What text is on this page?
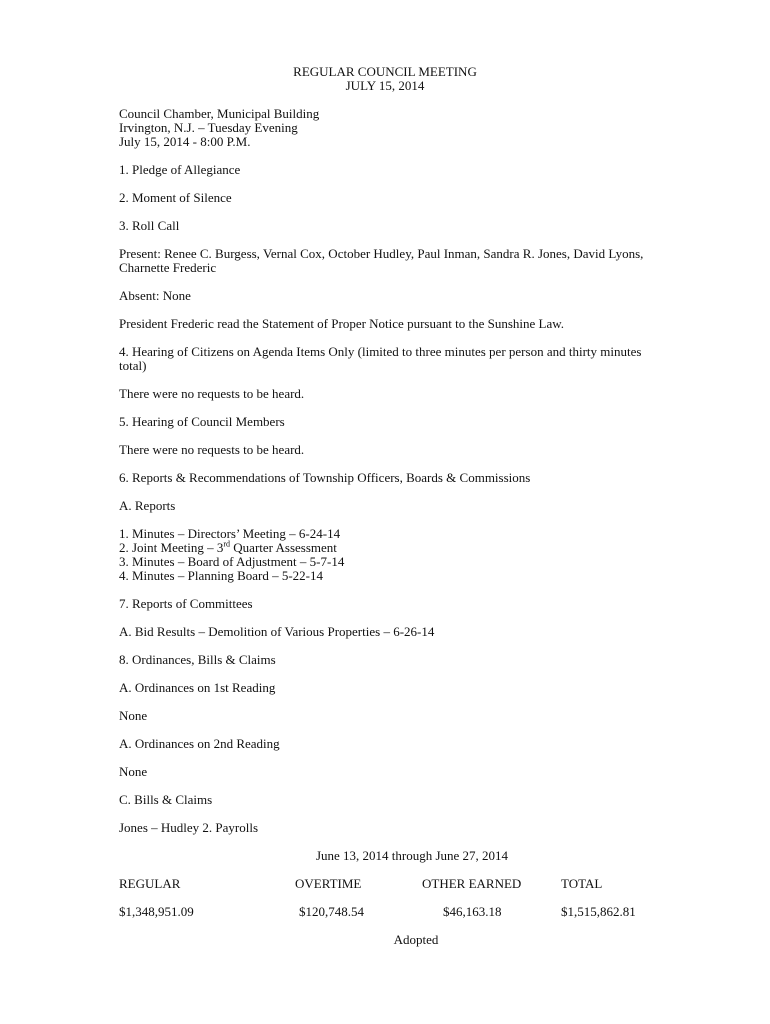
REGULAR COUNCIL MEETING
JULY 15, 2014
Council Chamber, Municipal Building
Irvington, N.J. – Tuesday Evening
July 15, 2014 - 8:00 P.M.
1. Pledge of Allegiance
2. Moment of Silence
3. Roll Call
Present: Renee C. Burgess, Vernal Cox, October Hudley, Paul Inman, Sandra R. Jones, David Lyons,
Charnette Frederic
Absent: None
President Frederic read the Statement of Proper Notice pursuant to the Sunshine Law.
4. Hearing of Citizens on Agenda Items Only (limited to three minutes per person and thirty minutes
total)
There were no requests to be heard.
5. Hearing of Council Members
There were no requests to be heard.
6. Reports & Recommendations of Township Officers, Boards & Commissions
A. Reports
1. Minutes – Directors’ Meeting – 6-24-14
2. Joint Meeting – 3rd Quarter Assessment
3. Minutes – Board of Adjustment – 5-7-14
4. Minutes – Planning Board – 5-22-14
7. Reports of Committees
A. Bid Results – Demolition of Various Properties – 6-26-14
8. Ordinances, Bills & Claims
A. Ordinances on 1st Reading
None
A. Ordinances on 2nd Reading
None
C. Bills & Claims
Jones – Hudley 2. Payrolls
June 13, 2014 through June 27, 2014
REGULAR	OVERTIME	OTHER EARNED	TOTAL
$1,348,951.09	$120,748.54	$46,163.18	$1,515,862.81
Adopted
